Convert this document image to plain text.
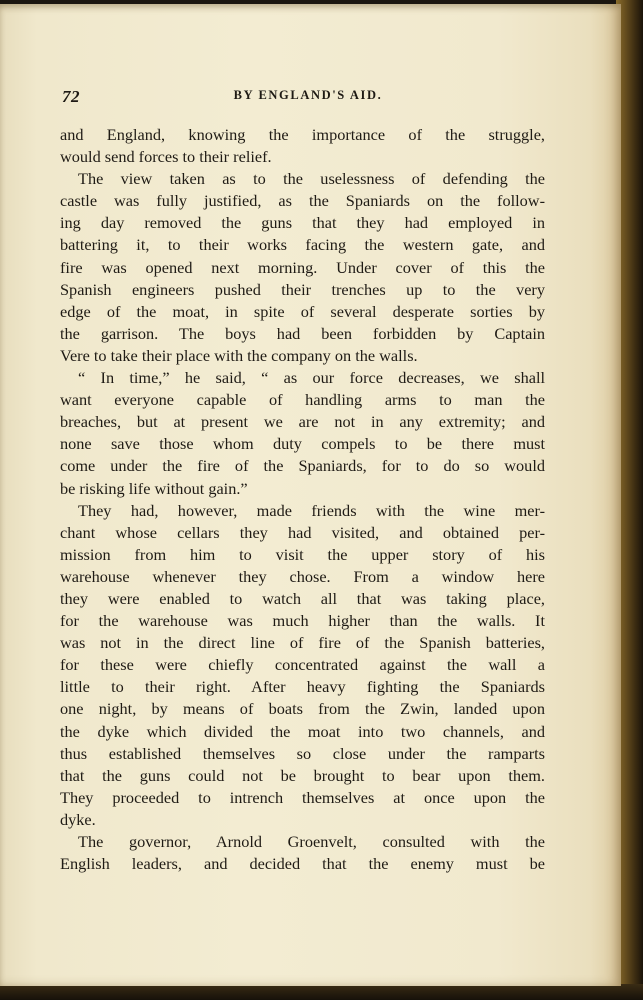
72	BY ENGLAND'S AID.
and England, knowing the importance of the struggle,
would send forces to their relief.
The view taken as to the uselessness of defending the
castle was fully justified, as the Spaniards on the follow-
ing day removed the guns that they had employed in
battering it, to their works facing the western gate, and
fire was opened next morning. Under cover of this the
Spanish engineers pushed their trenches up to the very
edge of the moat, in spite of several desperate sorties by
the garrison. The boys had been forbidden by Captain
Vere to take their place with the company on the walls.
“ In time,” he said, “ as our force decreases, we shall
want everyone capable of handling arms to man the
breaches, but at present we are not in any extremity; and
none save those whom duty compels to be there must
come under the fire of the Spaniards, for to do so would
be risking life without gain.”
They had, however, made friends with the wine mer-
chant whose cellars they had visited, and obtained per-
mission from him to visit the upper story of his
warehouse whenever they chose. From a window here
they were enabled to watch all that was taking place,
for the warehouse was much higher than the walls. It
was not in the direct line of fire of the Spanish batteries,
for these were chiefly concentrated against the wall a
little to their right. After heavy fighting the Spaniards
one night, by means of boats from the Zwin, landed upon
the dyke which divided the moat into two channels, and
thus established themselves so close under the ramparts
that the guns could not be brought to bear upon them.
They proceeded to intrench themselves at once upon the
dyke.
The governor, Arnold Groenvelt, consulted with the
English leaders, and decided that the enemy must be
